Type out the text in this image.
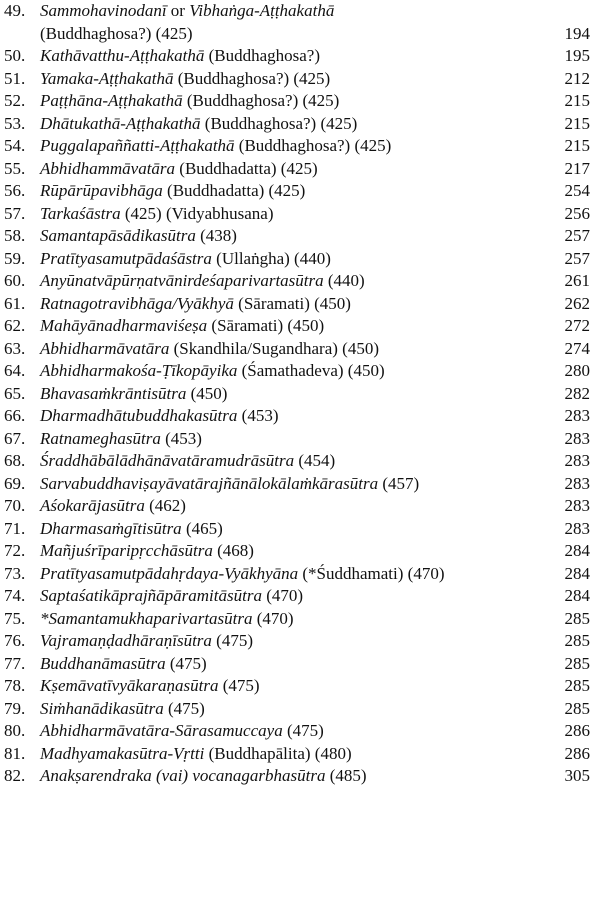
49. Sammohavinodanī or Vibhaṅga-Aṭṭhakathā
(Buddhaghosa?) (425)	194
50. Kathāvatthu-Aṭṭhakathā (Buddhaghosa?)	195
51. Yamaka-Aṭṭhakathā (Buddhaghosa?) (425)	212
52. Paṭṭhāna-Aṭṭhakathā (Buddhaghosa?) (425)	215
53. Dhātukathā-Aṭṭhakathā (Buddhaghosa?) (425)	215
54. Puggalapaññatti-Aṭṭhakathā (Buddhaghosa?) (425)	215
55. Abhidhammāvatāra (Buddhadatta) (425)	217
56. Rūpārūpavibhāga (Buddhadatta) (425)	254
57. Tarkaśāstra (425) (Vidyabhusana)	256
58. Samantapāsādikasūtra (438)	257
59. Pratītyasamutpādaśāstra (Ullaṅgha) (440)	257
60. Anyūnatvāpūrṇatvānirdeśaparivartasūtra (440)	261
61. Ratnagotravibhāga/Vyākhyā (Sāramati) (450)	262
62. Mahāyānadharmaviśeṣa (Sāramati) (450)	272
63. Abhidharmāvatāra (Skandhila/Sugandhara) (450)	274
64. Abhidharmakośa-Ṭīkopāyika (Śamathadeva) (450)	280
65. Bhavasaṁkrāntisūtra (450)	282
66. Dharmadhātubuddhakasūtra (453)	283
67. Ratnameghasūtra (453)	283
68. Śraddhābālādhānāvatāramudrāsūtra (454)	283
69. Sarvabuddhaviṣayāvatārajñānālokālaṁkārasūtra (457)	283
70. Aśokarājasūtra (462)	283
71. Dharmasaṁgītisūtra (465)	283
72. Mañjuśrīparipṛcchāsūtra (468)	284
73. Pratītyasamutpādahṛdaya-Vyākhyāna (*Śuddhamati) (470)	284
74. Saptaśatikāprajñāpāramitāsūtra (470)	284
75. *Samantamukhaparivartasūtra (470)	285
76. Vajramaṇḍadhāraṇīsūtra (475)	285
77. Buddhanāmasūtra (475)	285
78. Kṣemāvatīvyākaraṇasūtra (475)	285
79. Siṁhanādikasūtra (475)	285
80. Abhidharmāvatāra-Sārasamuccaya (475)	286
81. Madhyamakasūtra-Vṛtti (Buddhapālita) (480)	286
82. Anakṣarendraka (vai) vocanagarbhasūtra (485)	305
